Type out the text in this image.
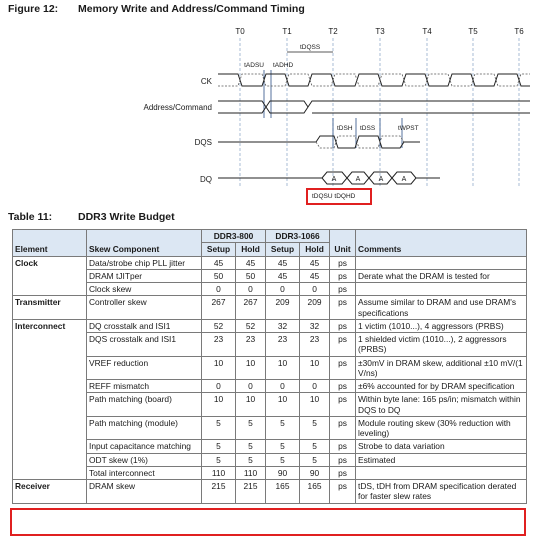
Figure 12: Memory Write and Address/Command Timing
T0	T1	T2	T3	T4	T5	T6
CK
Address/Command
DQS
DQ	A	A	A	A
tDQSS
tADSU tADHD
tDSH tDSS	tWPST
tDQSU tDQHD
Table 11: DDR3 Write Budget
Element	Skew Component	DDR3-800		DDR3-1066		Unit	Comments
		Setup	Hold	Setup	Hold		
Clock	Data/strobe chip PLL jitter	45	45	45	45	ps	
	DRAM tJITper	50	50	45	45	ps	Derate what the DRAM is tested for
	Clock skew	0	0	0	0	ps	
Transmitter	Controller skew	267	267	209	209	ps	Assume similar to DRAM and use DRAM's specifications
Interconnect	DQ crosstalk and ISI1	52	52	32	32	ps	1 victim (1010...), 4 aggressors (PRBS)
	DQS crosstalk and ISI1	23	23	23	23	ps	1 shielded victim (1010...), 2 aggressors (PRBS)
	VREF reduction	10	10	10	10	ps	±30mV in DRAM skew, additional ±10 mV/(1 V/ns)
	REFF mismatch	0	0	0	0	ps	±6% accounted for by DRAM specification
	Path matching (board)	10	10	10	10	ps	Within byte lane: 165 ps/in; mismatch within DQS to DQ
	Path matching (module)	5	5	5	5	ps	Module routing skew (30% reduction with leveling)
	Input capacitance matching	5	5	5	5	ps	Strobe to data variation
	ODT skew (1%)	5	5	5	5	ps	Estimated
	Total interconnect	110	110	90	90	ps	
Receiver	DRAM skew	215	215	165	165	ps	tDS, tDH from DRAM specification derated for faster slew rates
